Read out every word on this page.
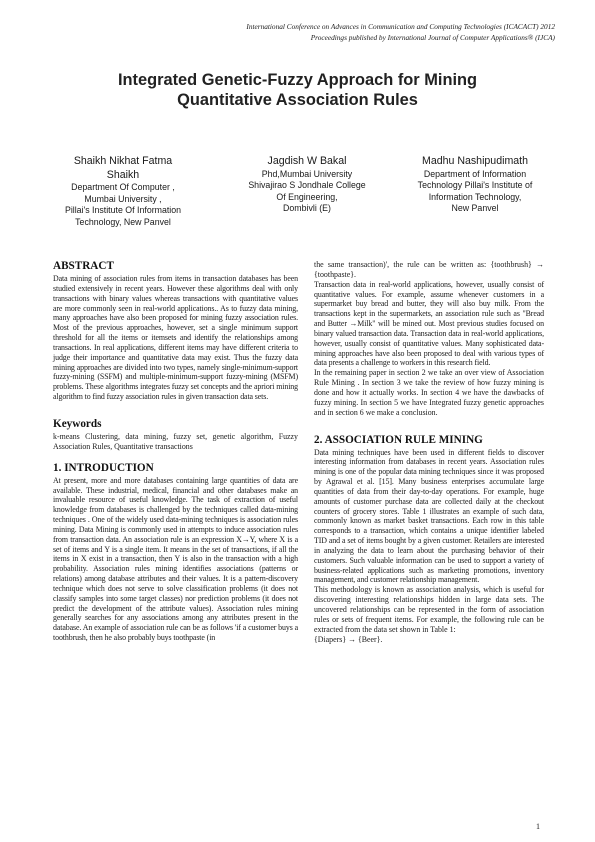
International Conference on Advances in Communication and Computing Technologies (ICACACT) 2012
Proceedings published by International Journal of Computer Applications® (IJCA)
Integrated Genetic-Fuzzy Approach for Mining
Quantitative Association Rules
Shaikh Nikhat Fatma
Shaikh
Department Of Computer ,
Mumbai University ,
Pillai's Institute Of Information
Technology, New Panvel
Jagdish W Bakal
Phd,Mumbai University
Shivajirao S Jondhale College
Of Engineering,
Dombivli (E)
Madhu Nashipudimath
Department of Information
Technology Pillai's Institute of
Information Technology,
New Panvel
ABSTRACT

Data mining of association rules from items in transaction databases has been studied extensively in recent years. However these algorithms deal with only transactions with binary values whereas transactions with quantitative values are more commonly seen in real-world applications.. As to fuzzy data mining, many approaches have also been proposed for mining fuzzy association rules. Most of the previous approaches, however, set a single minimum support threshold for all the items or itemsets and identify the relationships among transactions. In real applications, different items may have different criteria to judge their importance and quantitative data may exist. Thus the fuzzy data mining approaches are divided into two types, namely single-minimum-support fuzzy-mining (SSFM) and multiple-minimum-support fuzzy-mining (MSFM) problems. These algorithms integrates fuzzy set concepts and the apriori mining algorithm to find fuzzy association rules in given transaction data sets.

Keywords

k-means Clustering, data mining, fuzzy set, genetic algorithm, Fuzzy Association Rules, Quantitative transactions

1. INTRODUCTION

At present, more and more databases containing large quantities of data are available. These industrial, medical, financial and other databases make an invaluable resource of useful knowledge. The task of extraction of useful knowledge from databases is challenged by the techniques called data-mining techniques . One of the widely used data-mining techniques is association rules mining. Data Mining is commonly used in attempts to induce association rules from transaction data. An association rule is an expression X→Y, where X is a set of items and Y is a single item. It means in the set of transactions, if all the items in X exist in a transaction, then Y is also in the transaction with a high probability. Association rules mining identifies associations (patterns or relations) among database attributes and their values. It is a pattern-discovery technique which does not serve to solve classification problems (it does not classify samples into some target classes) nor prediction problems (it does not predict the development of the attribute values). Association rules mining generally searches for any associations among any attributes present in the database. An example of association rule can be as follows 'if a customer buys a toothbrush, then he also probably buys toothpaste (in

the same transaction)', the rule can be written as: {toothbrush} → {toothpaste}.

Transaction data in real-world applications, however, usually consist of quantitative values. For example, assume whenever customers in a supermarket buy bread and butter, they will also buy milk. From the transactions kept in the supermarkets, an association rule such as "Bread and Butter →Milk" will be mined out. Most previous studies focused on binary valued transaction data. Transaction data in real-world applications, however, usually consist of quantitative values. Many sophisticated data-mining approaches have also been proposed to deal with various types of data presents a challenge to workers in this research field.

In the remaining paper in section 2 we take an over view of Association Rule Mining . In section 3 we take the review of how fuzzy mining is done and how it actually works. In section 4 we have the dawbacks of fuzzy mining. In section 5 we have Integrated fuzzy genetic approaches and in section 6 we make a conclusion.

2. ASSOCIATION RULE MINING

Data mining techniques have been used in different fields to discover interesting information from databases in recent years. Association rules mining is one of the popular data mining techniques since it was proposed by Agrawal et al. [15]. Many business enterprises accumulate large quantities of data from their day-to-day operations. For example, huge amounts of customer purchase data are collected daily at the checkout counters of grocery stores. Table 1 illustrates an example of such data, commonly known as market basket transactions. Each row in this table corresponds to a transaction, which contains a unique identifier labeled TID and a set of items bought by a given customer. Retailers are interested in analyzing the data to learn about the purchasing behavior of their customers. Such valuable information can be used to support a variety of business-related applications such as marketing promotions, inventory management, and customer relationship management.

This methodology is known as association analysis, which is useful for discovering interesting relationships hidden in large data sets. The uncovered relationships can be represented in the form of association rules or sets of frequent items. For example, the following rule can be extracted from the data set shown in Table 1:

{Diapers} → {Beer}.

1
